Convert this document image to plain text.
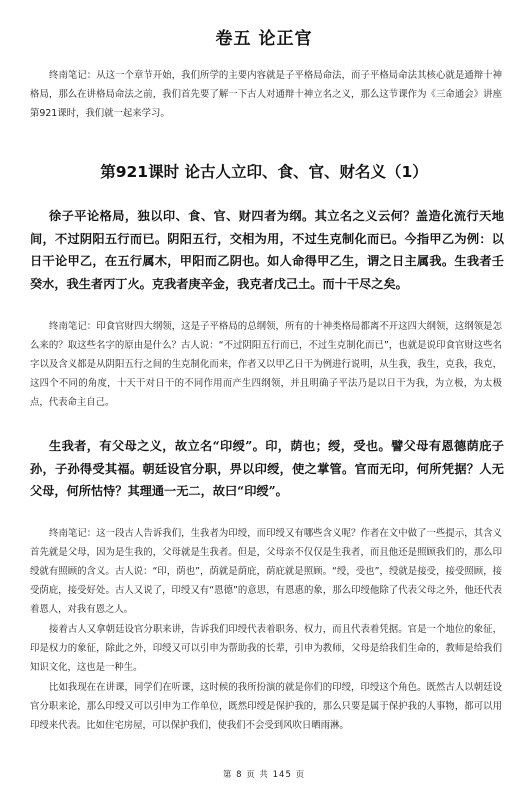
卷五 论正官

终南笔记：从这一个章节开始，我们所学的主要内容就是子平格局命法，而子平格局命法其核心就是通辩十神格局，那么在讲格局命法之前，我们首先要了解一下古人对通辩十神立名之义，那么这节课作为《三命通会》讲座第921课时，我们就一起来学习。

第921课时 论古人立印、食、官、财名义（1）

徐子平论格局，独以印、食、官、财四者为纲。其立名之义云何？盖造化流行天地间，不过阴阳五行而已。阴阳五行，交相为用，不过生克制化而已。今指甲乙为例：以日干论甲乙，在五行属木，甲阳而乙阴也。如人命得甲乙生，谓之日主属我。生我者壬癸水，我生者丙丁火。克我者庚辛金，我克者戊己土。而十干尽之矣。

终南笔记：印食官财四大纲领，这是子平格局的总纲领，所有的十神类格局都离不开这四大纲领，这纲领是怎么来的？取这些名字的原由是什么？古人说：“不过阴阳五行而已，不过生克制化而已”，也就是说印食官财这些名字以及含义都是从阴阳五行之间的生克制化而来，作者又以甲乙日干为例进行说明，从生我，我生，克我，我克，这四个不同的角度，十天干对日干的不同作用而产生四纲领，并且明确子平法乃是以日干为我，为立极，为太极点，代表命主自己。

生我者，有父母之义，故立名“印绶”。印，荫也；绶，受也。譬父母有恩德荫庇子孙，子孙得受其福。朝廷设官分职，畀以印绶，使之掌管。官而无印，何所凭据？人无父母，何所怙恃？其理通一无二，故曰“印绶”。

终南笔记：这一段古人告诉我们，生我者为印绶，而印绶又有哪些含义呢？作者在文中做了一些提示，其含义首先就是父母，因为是生我的，父母就是生我者。但是，父母亲不仅仅是生我者，而且他还是照顾我们的，那么印绶就有照顾的含义。古人说：“印，荫也”，荫就是荫庇，荫庇就是照顾。“绶，受也”，绶就是接受，接受照顾，接受荫庇，接受好处。古人又说了，印绶又有“恩德”的意思，有恩惠的象，那么印绶他除了代表父母之外，他还代表着恩人，对我有恩之人。

接着古人又拿朝廷设官分职来讲，告诉我们印绶代表着职务、权力，而且代表着凭据。官是一个地位的象征，印是权力的象征，除此之外，印绶又可以引申为帮助我的长辈，引申为教师，父母是给我们生命的，教师是给我们知识文化，这也是一种生。

比如我现在在讲课，同学们在听课，这时候的我所扮演的就是你们的印绶，印绶这个角色。既然古人以朝廷设官分职来论，那么印绶又可以引申为工作单位，既然印绶是保护我的，那么只要是属于保护我的人事物，都可以用印绶来代表。比如住宅房屋，可以保护我们，使我们不会受到风吹日晒雨淋。

第 8 页 共 145 页
